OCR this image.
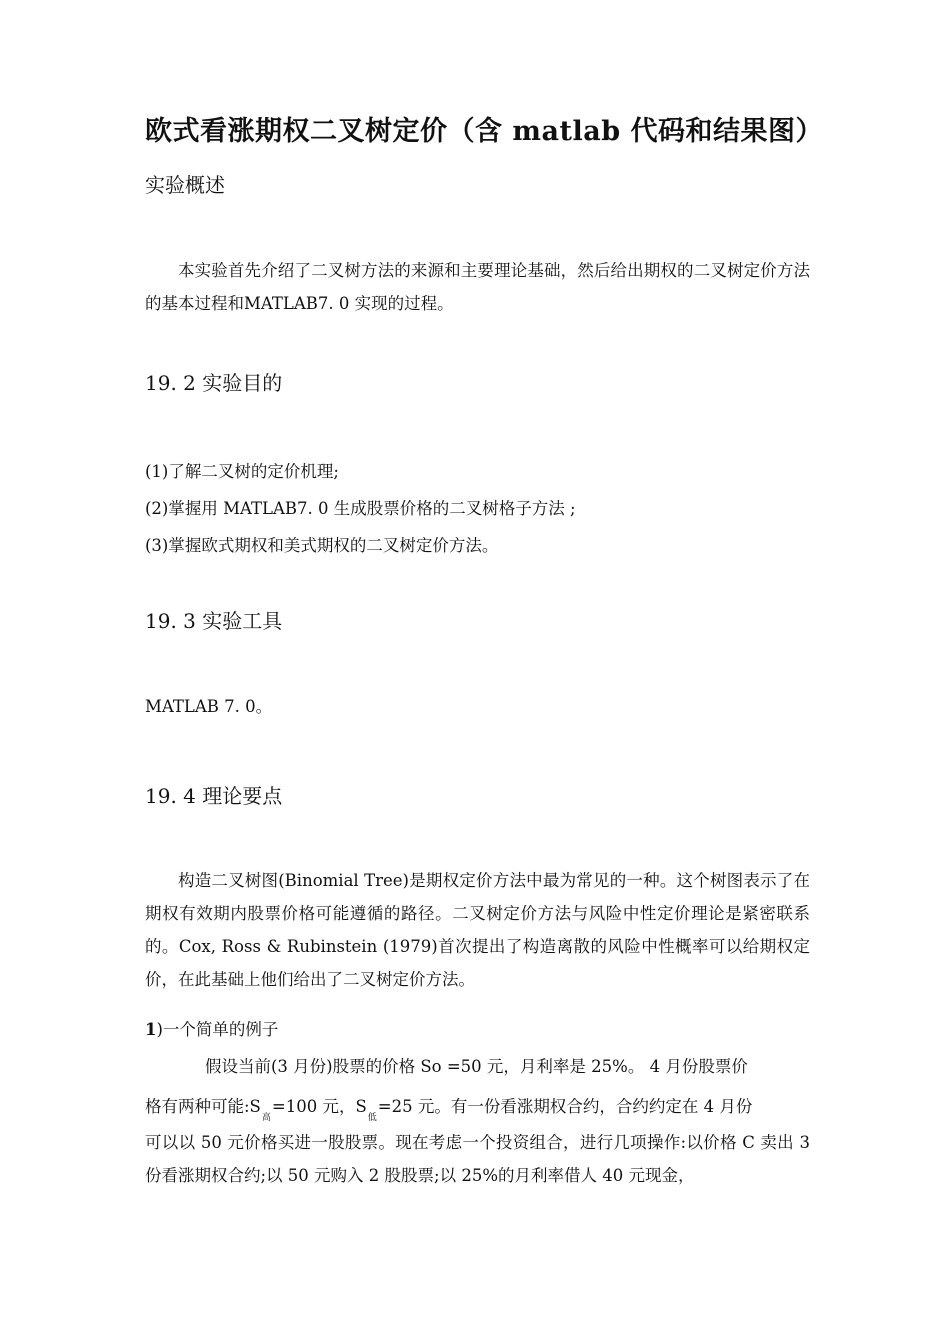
欧式看涨期权二叉树定价（含 matlab 代码和结果图）
实验概述

本实验首先介绍了二叉树方法的来源和主要理论基础，然后给出期权的二叉树定价方法的基本过程和MATLAB7. 0 实现的过程。

19. 2 实验目的
(1)了解二叉树的定价机理;
(2)掌握用 MATLAB7. 0 生成股票价格的二叉树格子方法 ;
(3)掌握欧式期权和美式期权的二叉树定价方法。
19. 3 实验工具
MATLAB 7. 0。
19. 4 理论要点

构造二叉树图(Binomial Tree)是期权定价方法中最为常见的一种。这个树图表示了在期权有效期内股票价格可能遵循的路径。二叉树定价方法与风险中性定价理论是紧密联系的。Cox, Ross & Rubinstein (1979)首次提出了构造离散的风险中性概率可以给期权定价，在此基础上他们给出了二叉树定价方法。

1)一个简单的例子
假设当前(3 月份)股票的价格 So =50 元，月利率是 25%。 4 月份股票价
格有两种可能$:S_高=100$ 元，$S_低=25$ 元。有一份看涨期权合约，合约约定在 4 月份

可以以 50 元价格买进一股股票。现在考虑一个投资组合，进行几项操作:以价格 C 卖出 3 份看涨期权合约;以 50 元购入 2 股股票;以 25%的月利率借人 40 元现金，
